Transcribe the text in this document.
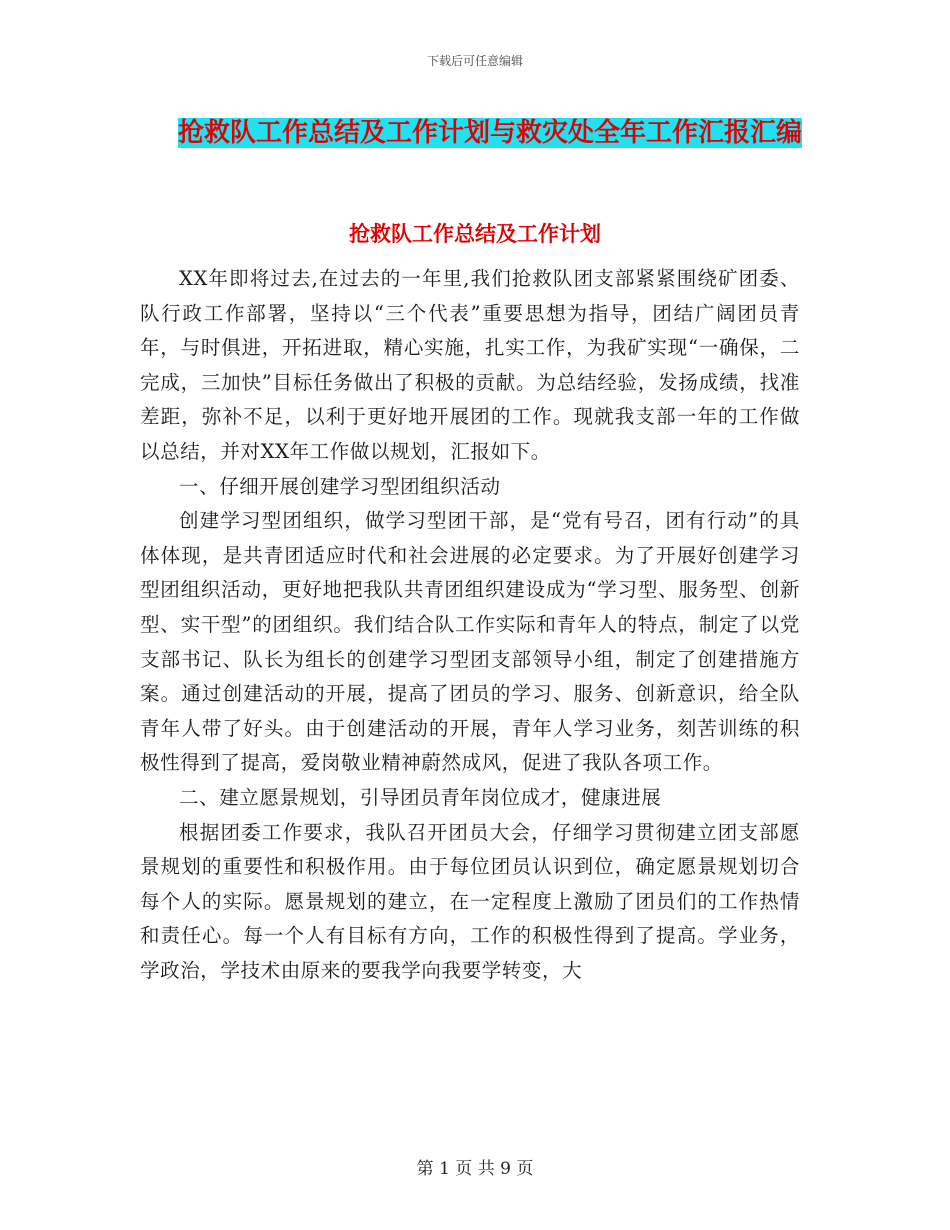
下载后可任意编辑
抢救队工作总结及工作计划与救灾处全年工作汇报汇编
抢救队工作总结及工作计划

XX年即将过去,在过去的一年里,我们抢救队团支部紧紧围绕矿团委、队行政工作部署，坚持以“三个代表”重要思想为指导，团结广阔团员青年，与时俱进，开拓进取，精心实施，扎实工作，为我矿实现“一确保，二完成，三加快”目标任务做出了积极的贡献。为总结经验，发扬成绩，找准差距，弥补不足，以利于更好地开展团的工作。现就我支部一年的工作做以总结，并对XX年工作做以规划，汇报如下。

一、仔细开展创建学习型团组织活动

创建学习型团组织，做学习型团干部，是“党有号召，团有行动”的具体体现，是共青团适应时代和社会进展的必定要求。为了开展好创建学习型团组织活动，更好地把我队共青团组织建设成为“学习型、服务型、创新型、实干型”的团组织。我们结合队工作实际和青年人的特点，制定了以党支部书记、队长为组长的创建学习型团支部领导小组，制定了创建措施方案。通过创建活动的开展，提高了团员的学习、服务、创新意识，给全队青年人带了好头。由于创建活动的开展，青年人学习业务，刻苦训练的积极性得到了提高，爱岗敬业精神蔚然成风，促进了我队各项工作。

二、建立愿景规划，引导团员青年岗位成才，健康进展

根据团委工作要求，我队召开团员大会，仔细学习贯彻建立团支部愿景规划的重要性和积极作用。由于每位团员认识到位，确定愿景规划切合每个人的实际。愿景规划的建立，在一定程度上激励了团员们的工作热情和责任心。每一个人有目标有方向，工作的积极性得到了提高。学业务，学政治，学技术由原来的要我学向我要学转变，大

第 1 页 共 9 页
